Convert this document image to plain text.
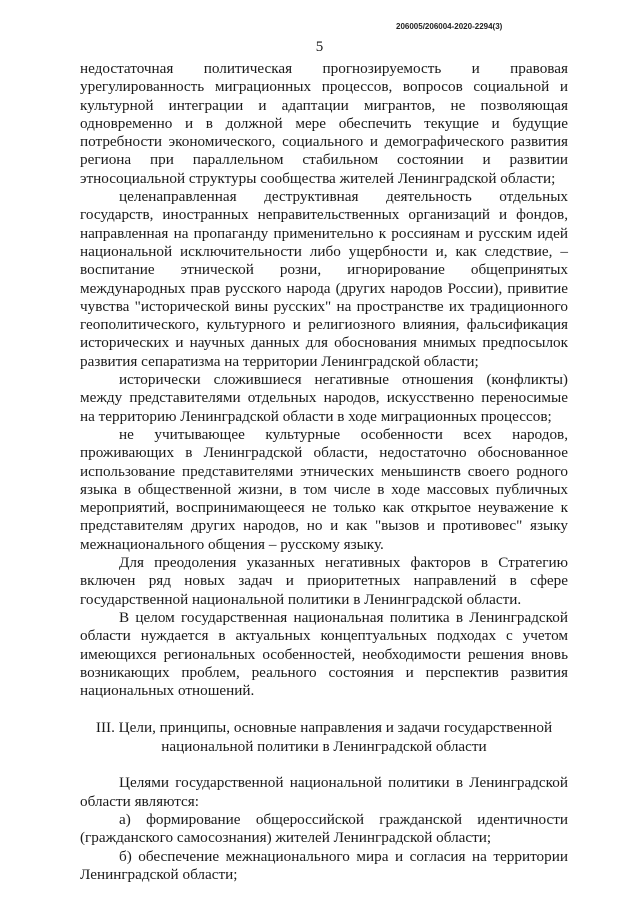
206005/206004-2020-2294(3)
5

недостаточная политическая прогнозируемость и правовая урегулированность миграционных процессов, вопросов социальной и культурной интеграции и адаптации мигрантов, не позволяющая одновременно и в должной мере обеспечить текущие и будущие потребности экономического, социального и демографического развития региона при параллельном стабильном состоянии и развитии этносоциальной структуры сообщества жителей Ленинградской области;

целенаправленная деструктивная деятельность отдельных государств, иностранных неправительственных организаций и фондов, направленная на пропаганду применительно к россиянам и русским идей национальной исключительности либо ущербности и, как следствие, – воспитание этнической розни, игнорирование общепринятых международных прав русского народа (других народов России), привитие чувства "исторической вины русских" на пространстве их традиционного геополитического, культурного и религиозного влияния, фальсификация исторических и научных данных для обоснования мнимых предпосылок развития сепаратизма на территории Ленинградской области;

исторически сложившиеся негативные отношения (конфликты) между представителями отдельных народов, искусственно переносимые на территорию Ленинградской области в ходе миграционных процессов;

не учитывающее культурные особенности всех народов, проживающих в Ленинградской области, недостаточно обоснованное использование представителями этнических меньшинств своего родного языка в общественной жизни, в том числе в ходе массовых публичных мероприятий, воспринимающееся не только как открытое неуважение к представителям других народов, но и как "вызов и противовес" языку межнационального общения – русскому языку.

Для преодоления указанных негативных факторов в Стратегию включен ряд новых задач и приоритетных направлений в сфере государственной национальной политики в Ленинградской области.

В целом государственная национальная политика в Ленинградской области нуждается в актуальных концептуальных подходах с учетом имеющихся региональных особенностей, необходимости решения вновь возникающих проблем, реального состояния и перспектив развития национальных отношений.

III. Цели, принципы, основные направления и задачи государственной

национальной политики в Ленинградской области

Целями государственной национальной политики в Ленинградской области являются:

а) формирование общероссийской гражданской идентичности (гражданского самосознания) жителей Ленинградской области;

б) обеспечение межнационального мира и согласия на территории Ленинградской области;
